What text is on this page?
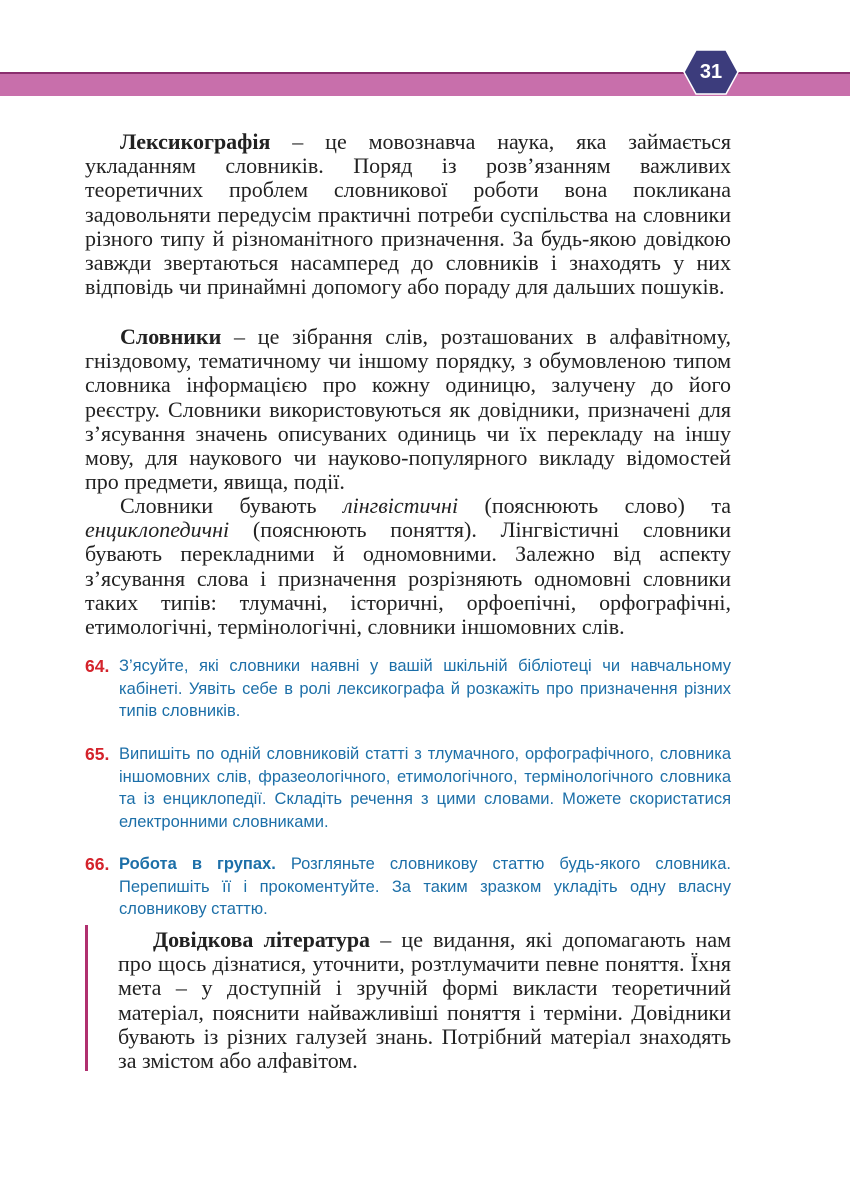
31

Лексикографія – це мовознавча наука, яка займається укладанням словників. Поряд із розв’язанням важливих теоретичних проблем словникової роботи вона покликана задовольняти передусім практичні потреби суспільства на словники різного типу й різноманітного призначення. За будь-якою довідкою завжди звертаються насамперед до словників і знаходять у них відповідь чи принаймні допомогу або пораду для дальших пошуків.

Словники – це зібрання слів, розташованих в алфавітному, гніздовому, тематичному чи іншому порядку, з обумовленою типом словника інформацією про кожну одиницю, залучену до його реєстру. Словники використовуються як довідники, призначені для з’ясування значень описуваних одиниць чи їх перекладу на іншу мову, для наукового чи науково-популярного викладу відомостей про предмети, явища, події.

Словники бувають лінгвістичні (пояснюють слово) та енциклопедичні (пояснюють поняття). Лінгвістичні словники бувають перекладними й одномовними. Залежно від аспекту з’ясування слова і призначення розрізняють одномовні словники таких типів: тлумачні, історичні, орфоепічні, орфографічні, етимологічні, термінологічні, словники іншомовних слів.

64. З’ясуйте, які словники наявні у вашій шкільній бібліотеці чи навчальному кабінеті. Уявіть себе в ролі лексикографа й розкажіть про призначення різних типів словників.
65. Випишіть по одній словниковій статті з тлумачного, орфографічного, словника іншомовних слів, фразеологічного, етимологічного, термінологічного словника та із енциклопедії. Складіть речення з цими словами. Можете скористатися електронними словниками.
66. Робота в групах. Розгляньте словникову статтю будь-якого словника. Перепишіть її і прокоментуйте. За таким зразком укладіть одну власну словникову статтю.

Довідкова література – це видання, які допомагають нам про щось дізнатися, уточнити, розтлумачити певне поняття. Їхня мета – у доступній і зручній формі викласти теоретичний матеріал, пояснити найважливіші поняття і терміни. Довідники бувають із різних галузей знань. Потрібний матеріал знаходять за змістом або алфавітом.
